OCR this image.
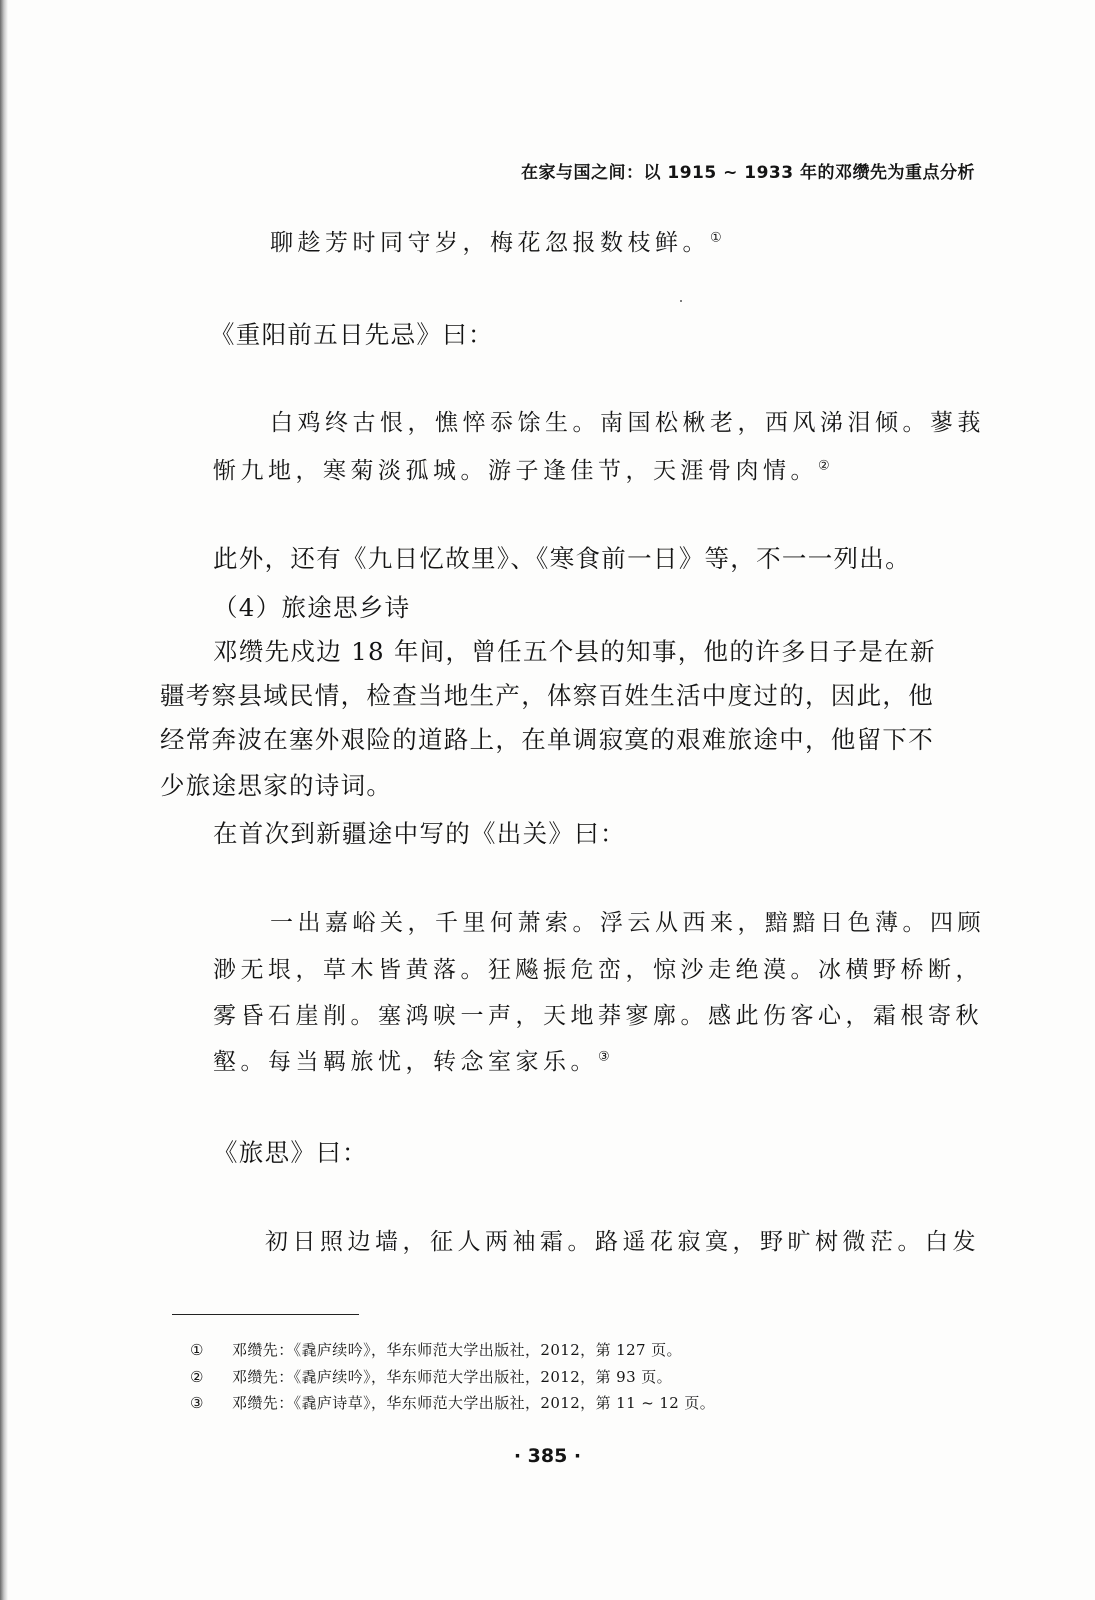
在家与国之间：以 1915 ~ 1933 年的邓缵先为重点分析
聊趁芳时同守岁，梅花忽报数枝鲜。①
《重阳前五日先忌》曰：
白鸡终古恨，憔悴忝馀生。南国松楸老，西风涕泪倾。蓼莪
惭九地，寒菊淡孤城。游子逢佳节，天涯骨肉情。②
此外，还有《九日忆故里》、《寒食前一日》等，不一一列出。
（4）旅途思乡诗
邓缵先戍边 18 年间，曾任五个县的知事，他的许多日子是在新
疆考察县域民情，检查当地生产，体察百姓生活中度过的，因此，他
经常奔波在塞外艰险的道路上，在单调寂寞的艰难旅途中，他留下不
少旅途思家的诗词。
在首次到新疆途中写的《出关》曰：
一出嘉峪关，千里何萧索。浮云从西来，黯黯日色薄。四顾
渺无垠，草木皆黄落。狂飚振危峦，惊沙走绝漠。冰横野桥断，
雾昏石崖削。塞鸿唳一声，天地莽寥廓。感此伤客心，霜根寄秋
壑。每当羁旅忧，转念室家乐。③
《旅思》曰：
初日照边墙，征人两袖霜。路遥花寂寞，野旷树微茫。白发
① 邓缵先：《毳庐续吟》，华东师范大学出版社，2012，第 127 页。
② 邓缵先：《毳庐续吟》，华东师范大学出版社，2012，第 93 页。
③ 邓缵先：《毳庐诗草》，华东师范大学出版社，2012，第 11 ~ 12 页。
· 385 ·
